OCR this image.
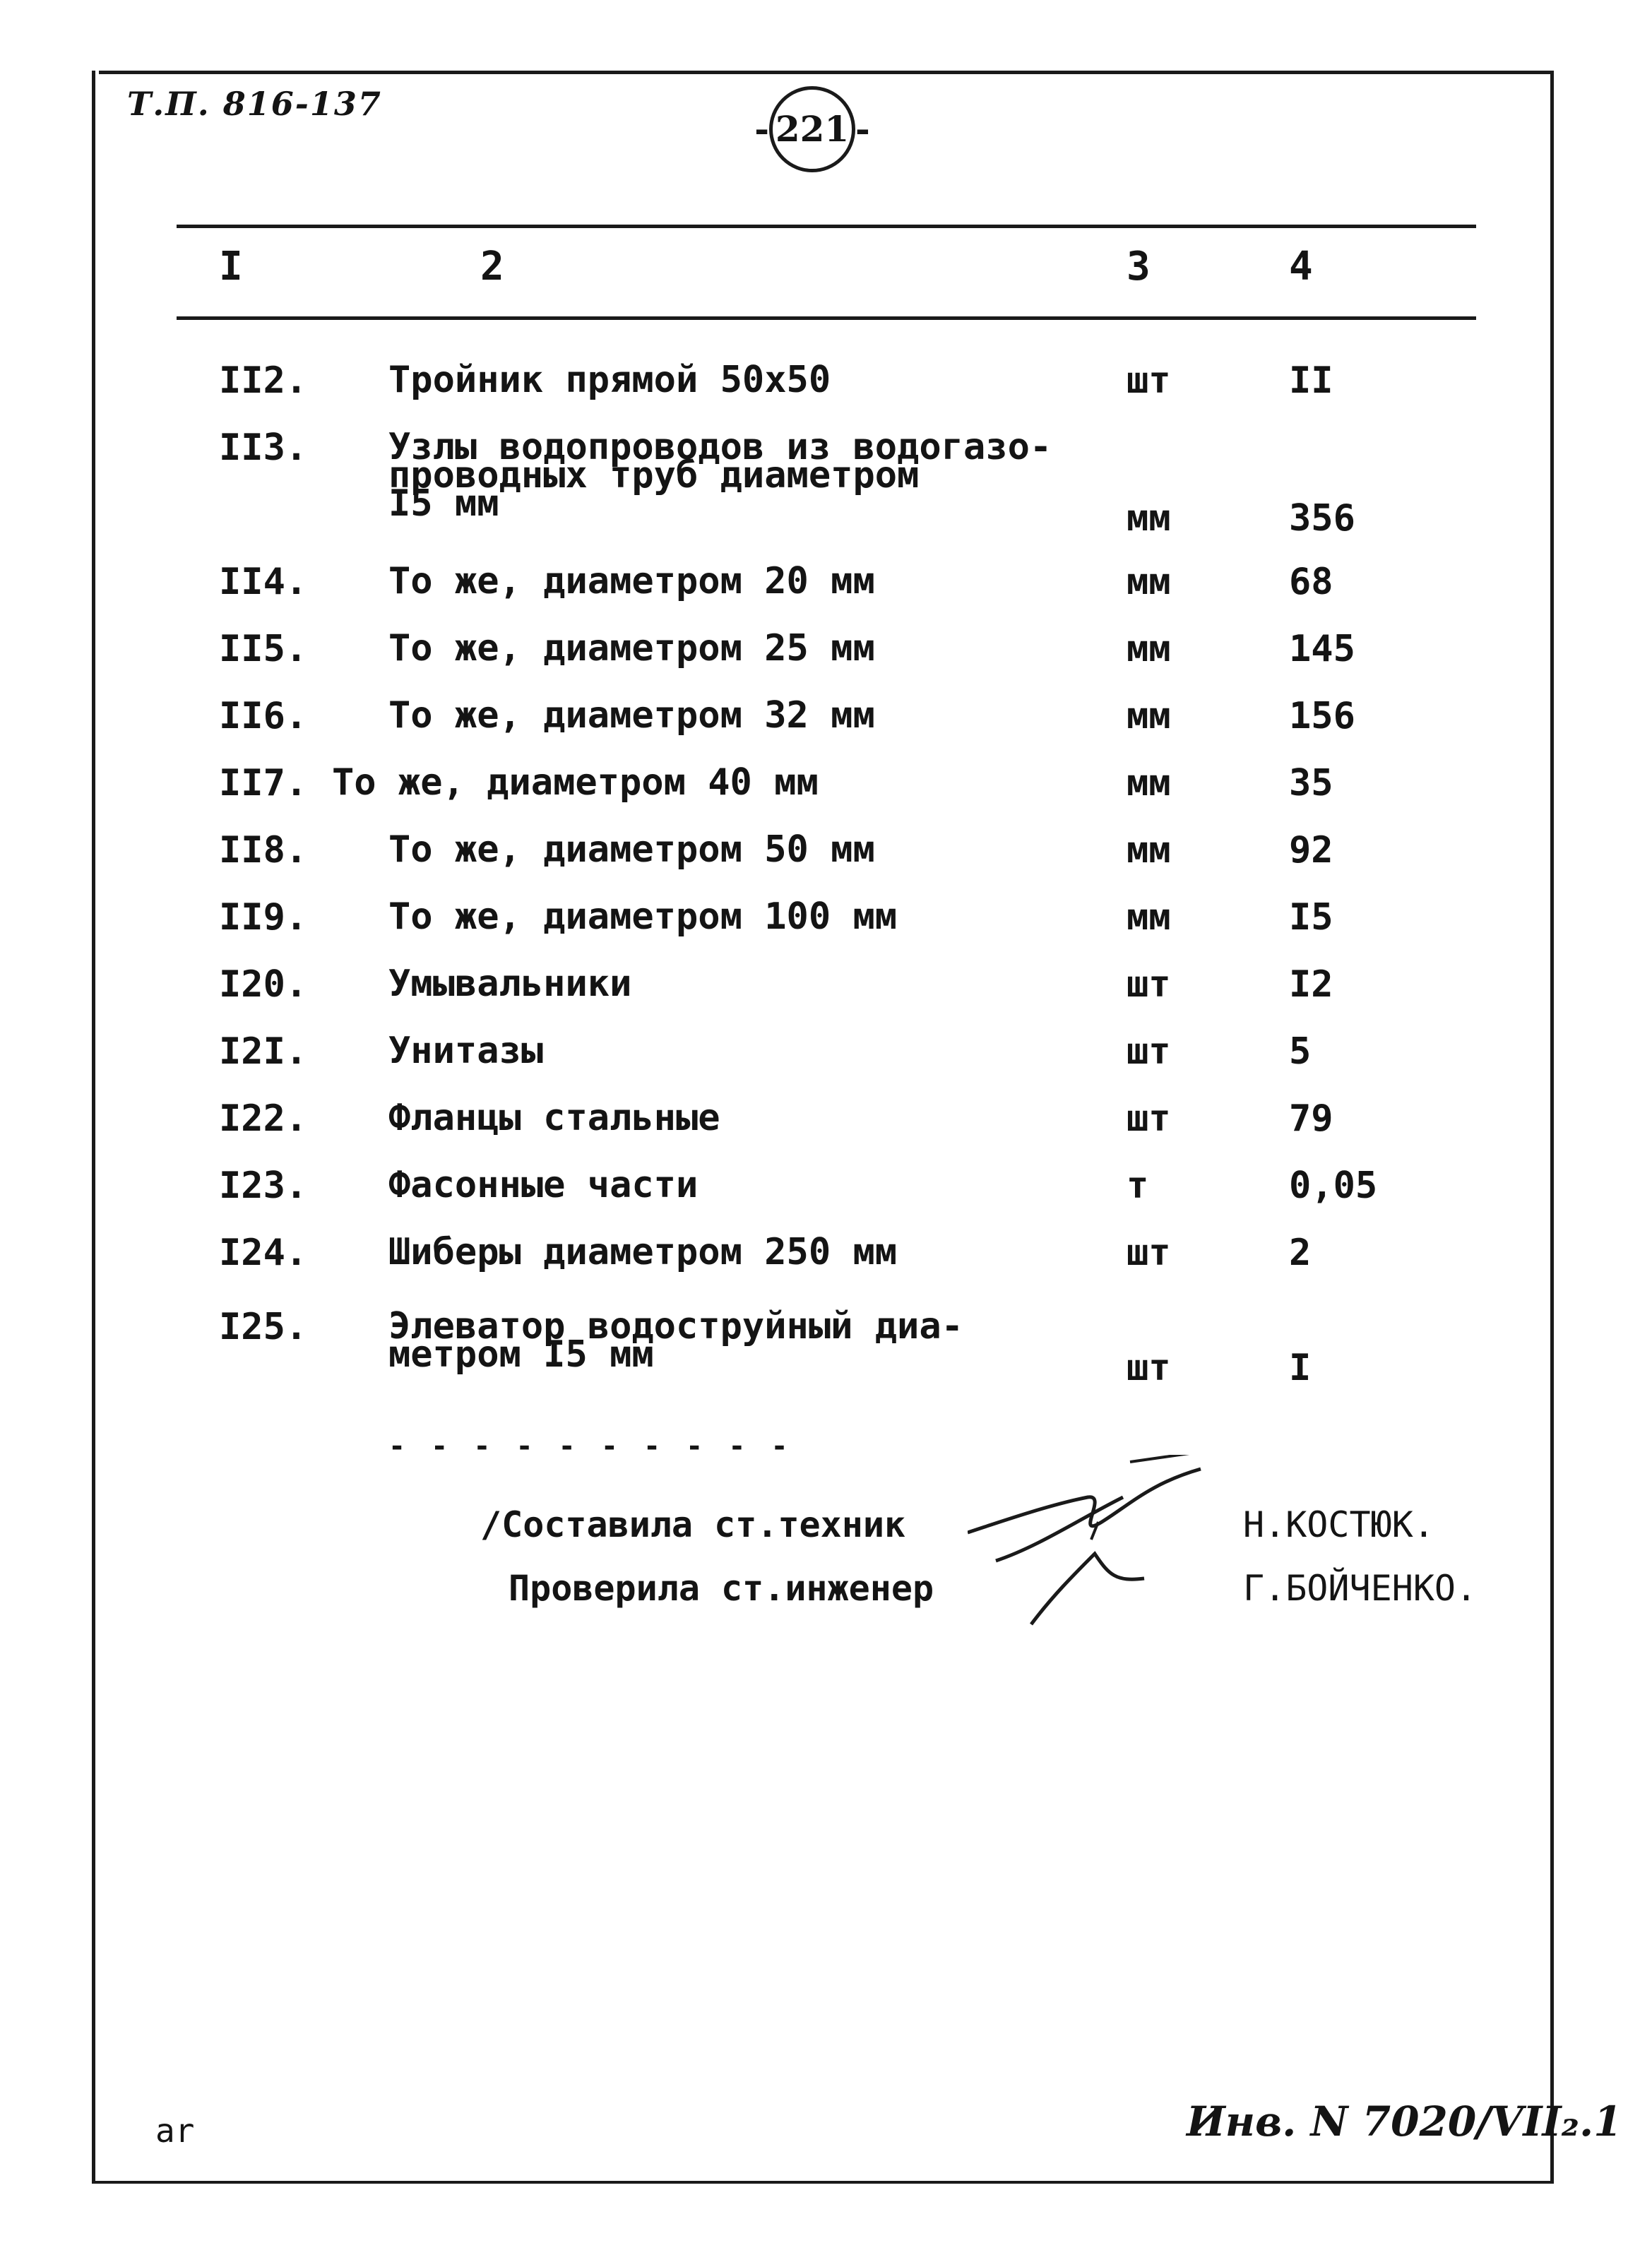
Т.П. 816-137
- 221 -
I	2	3	4
II2. Тройник прямой 50х50	шт	II
II3. Узлы водопроводов из водогазо-
проводных труб диаметром
I5 мм	мм	356
II4. То же, диаметром 20 мм	мм	68
II5. То же, диаметром 25 мм	мм	145
II6. То же, диаметром 32 мм	мм	156
II7. То же, диаметром 40 мм	мм	35
II8. То же, диаметром 50 мм	мм	92
II9. То же, диаметром 100 мм	мм	I5
I20. Умывальники	шт	I2
I2I. Унитазы	шт	5
I22. Фланцы стальные	шт	79
I23. Фасонные части	т	0,05
I24. Шиберы диаметром 250 мм	шт	2
I25. Элеватор водоструйный диа-
метром I5 мм	шт	I
- - - - - - - - - -
/Составила ст.техник	Н.КОСТЮК.
Проверила ст.инженер	Г.БОЙЧЕНКО.
ar	Инв. N 7020/VII₂.1
